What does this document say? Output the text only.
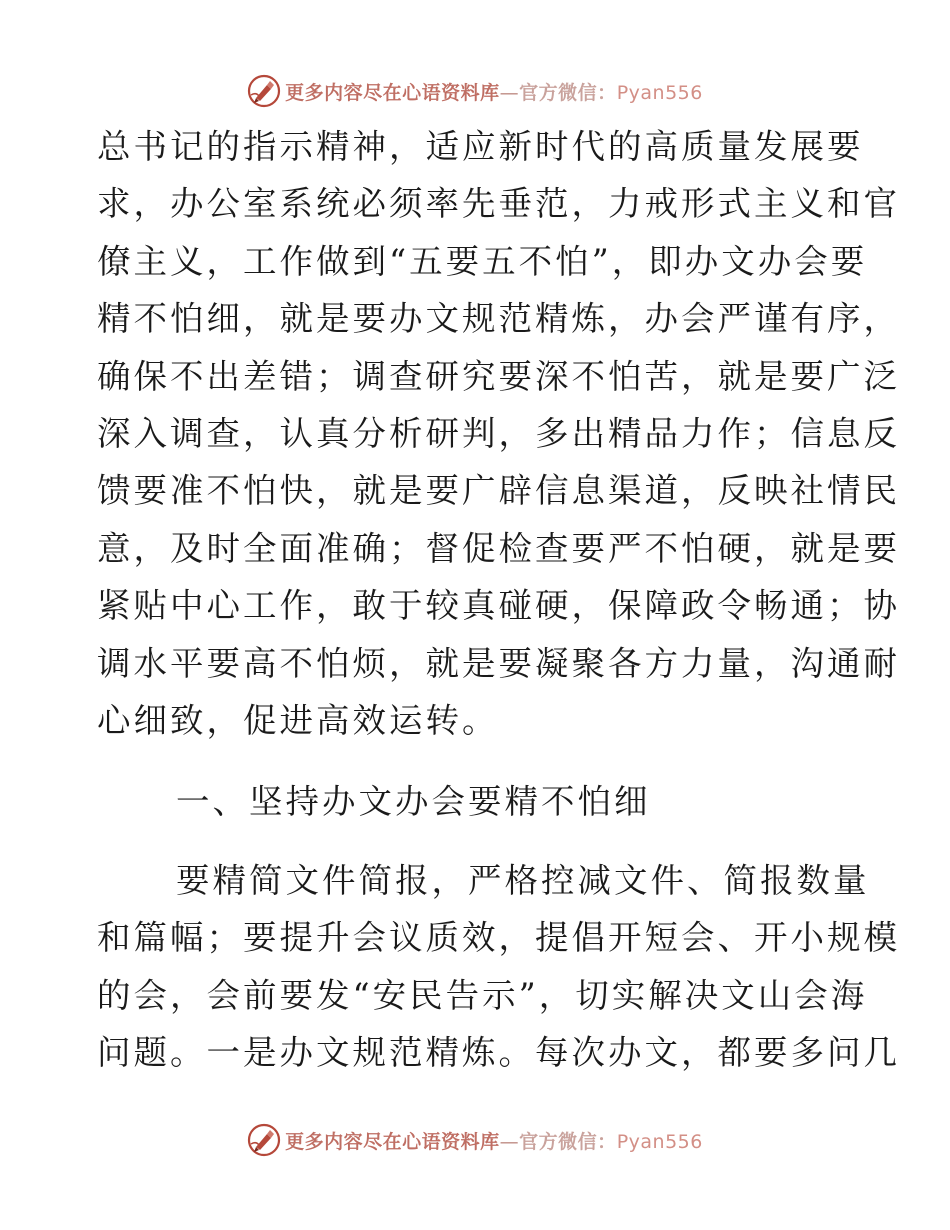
更多内容尽在心语资料库—官方微信：Pyan556
总书记的指示精神，适应新时代的高质量发展要
求，办公室系统必须率先垂范，力戒形式主义和官
僚主义，工作做到“五要五不怕”，即办文办会要
精不怕细，就是要办文规范精炼，办会严谨有序，
确保不出差错；调查研究要深不怕苦，就是要广泛
深入调查，认真分析研判，多出精品力作；信息反
馈要准不怕快，就是要广辟信息渠道，反映社情民
意，及时全面准确；督促检查要严不怕硬，就是要
紧贴中心工作，敢于较真碰硬，保障政令畅通；协
调水平要高不怕烦，就是要凝聚各方力量，沟通耐
心细致，促进高效运转。
一、坚持办文办会要精不怕细
要精简文件简报，严格控减文件、简报数量
和篇幅；要提升会议质效，提倡开短会、开小规模
的会，会前要发“安民告示”，切实解决文山会海
问题。一是办文规范精炼。每次办文，都要多问几
更多内容尽在心语资料库—官方微信：Pyan556
